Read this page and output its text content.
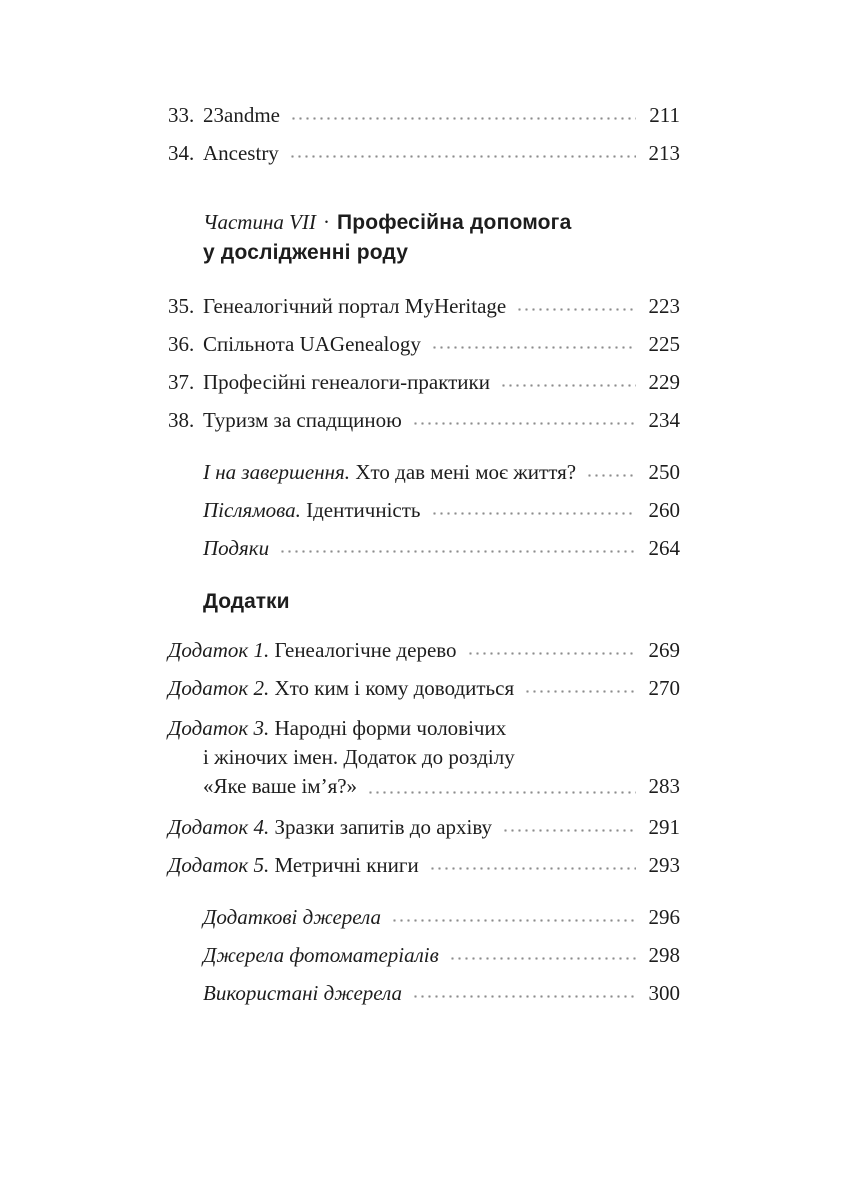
33. 23andme	211
34. Ancestry	213
Частина VII · Професійна допомога
у дослідженні роду
35. Генеалогічний портал MyHeritage	223
36. Спільнота UAGenealogy	225
37. Професійні генеалоги-практики	229
38. Туризм за спадщиною	234
І на завершення. Хто дав мені моє життя?	250
Післямова. Ідентичність	260
Подяки	264
Додатки
Додаток 1. Генеалогічне дерево	269
Додаток 2. Хто ким і кому доводиться	270
Додаток 3. Народні форми чоловічих
і жіночих імен. Додаток до розділу
«Яке ваше ім’я?»	283
Додаток 4. Зразки запитів до архіву	291
Додаток 5. Метричні книги	293
Додаткові джерела	296
Джерела фотоматеріалів	298
Використані джерела	300
